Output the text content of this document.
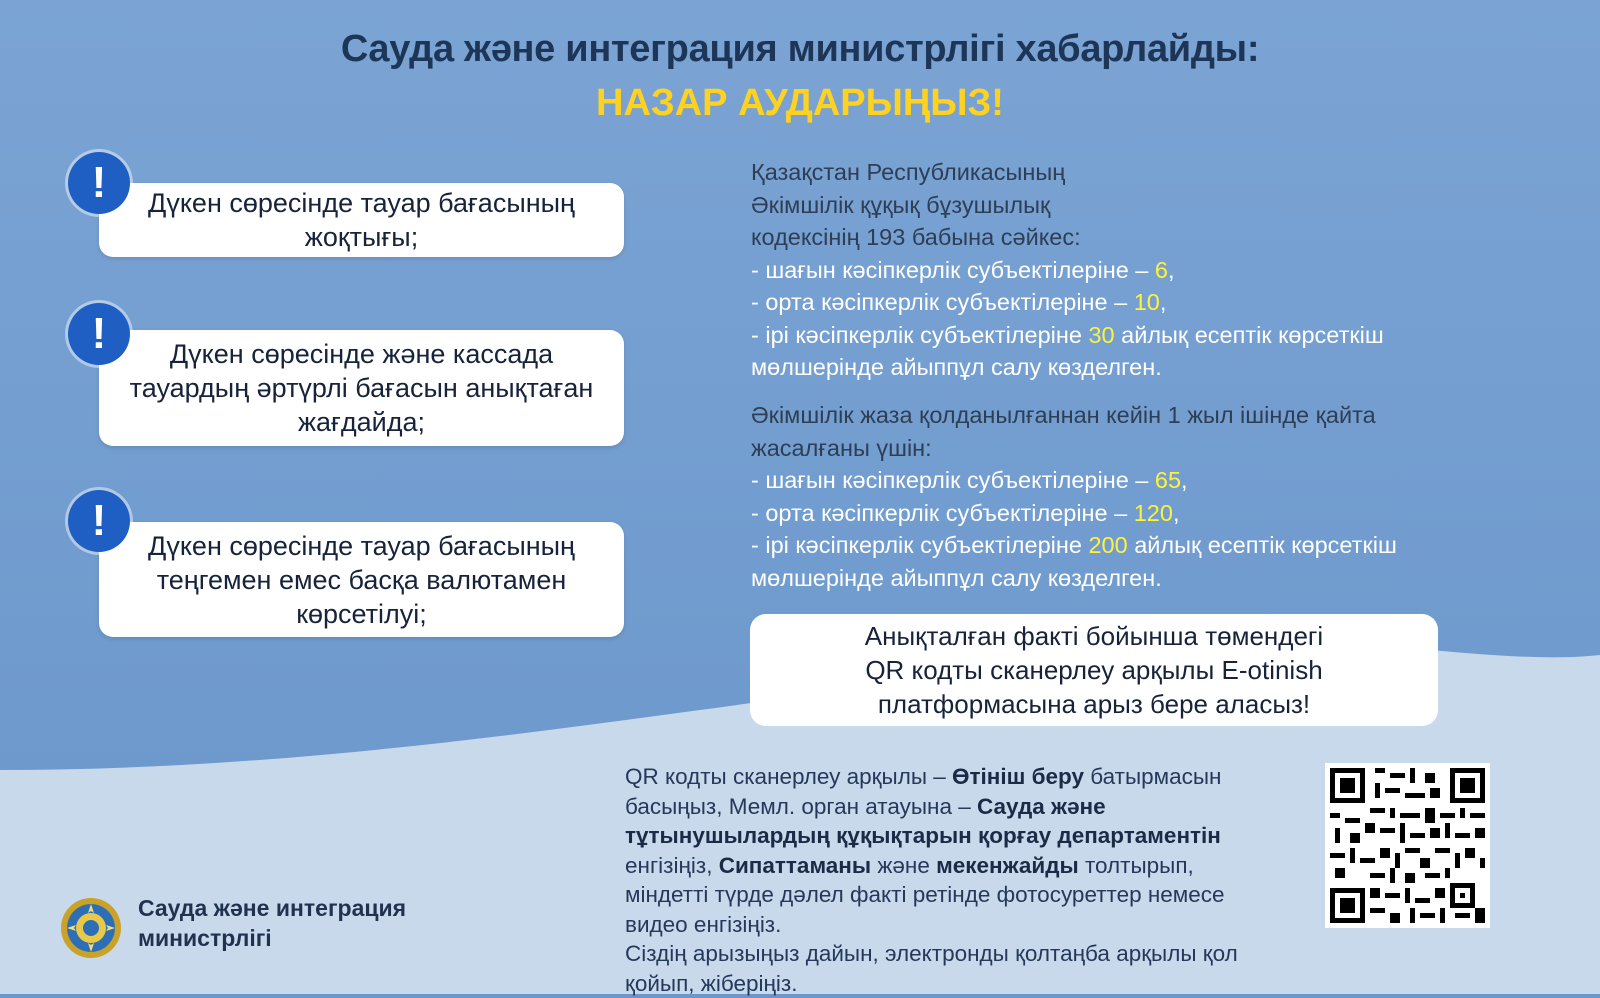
Сауда және интеграция министрлігі хабарлайды:
НАЗАР АУДАРЫҢЫЗ!
Дүкен сөресінде тауар бағасының жоқтығы;
!
Дүкен сөресінде және кассада тауардың әртүрлі бағасын анықтаған жағдайда;
!
Дүкен сөресінде тауар бағасының теңгемен емес басқа валютамен көрсетілуі;
!
Қазақстан Республикасының
Әкімшілік құқық бұзушылық
кодексінің 193 бабына сәйкес:
- шағын кәсіпкерлік субъектілеріне – 6,
- орта кәсіпкерлік субъектілеріне – 10,
- ірі кәсіпкерлік субъектілеріне 30 айлық есептік көрсеткіш
мөлшерінде айыппұл салу көзделген.
Әкімшілік жаза қолданылғаннан кейін 1 жыл ішінде қайта
жасалғаны үшін:
- шағын кәсіпкерлік субъектілеріне – 65,
- орта кәсіпкерлік субъектілеріне – 120,
- ірі кәсіпкерлік субъектілеріне 200 айлық есептік көрсеткіш
мөлшерінде айыппұл салу көзделген.
Анықталған факті бойынша төмендегі
QR кодты сканерлеу арқылы E-otinish
платформасына арыз бере аласыз!
QR кодты сканерлеу арқылы – Өтініш беру батырмасын
басыңыз, Мемл. орган атауына – Сауда және
тұтынушылардың құқықтарын қорғау департаментін
енгізіңіз, Сипаттаманы және мекенжайды толтырып,
міндетті түрде дәлел факті ретінде фотосуреттер немесе
видео енгізіңіз.
Сіздің арызыңыз дайын, электронды қолтаңба арқылы қол
қойып, жіберіңіз.
Сауда және интеграция
министрлігі
